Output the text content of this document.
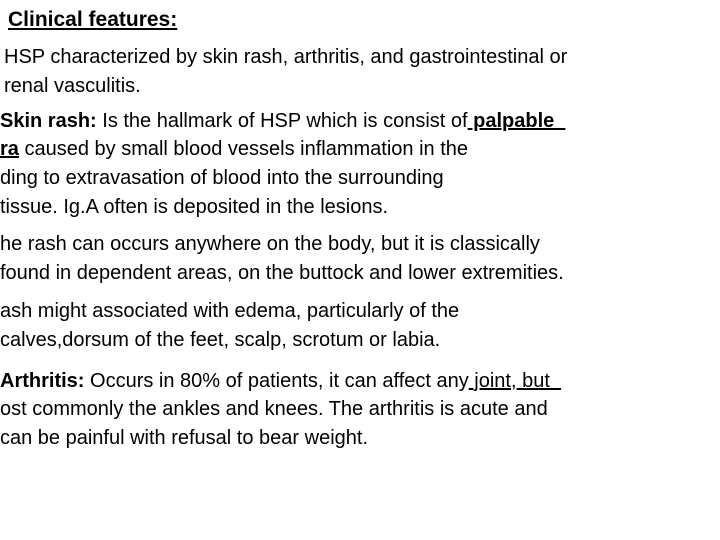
Clinical features:
HSP characterized by skin rash, arthritis, and gastrointestinal or
renal vasculitis.
Skin rash: Is the hallmark of HSP which is consist of palpable
ra caused by small blood vessels inflammation in the
ding to extravasation of blood into the surrounding
tissue. Ig.A often is deposited in the lesions.
he rash can occurs anywhere on the body, but it is classically
found in dependent areas, on the buttock and lower extremities.
ash might associated with edema, particularly of the
calves,dorsum of the feet, scalp, scrotum or labia.
Arthritis: Occurs in 80% of patients, it can affect any joint, but
ost commonly the ankles and knees. The arthritis is acute and
can be painful with refusal to bear weight.
